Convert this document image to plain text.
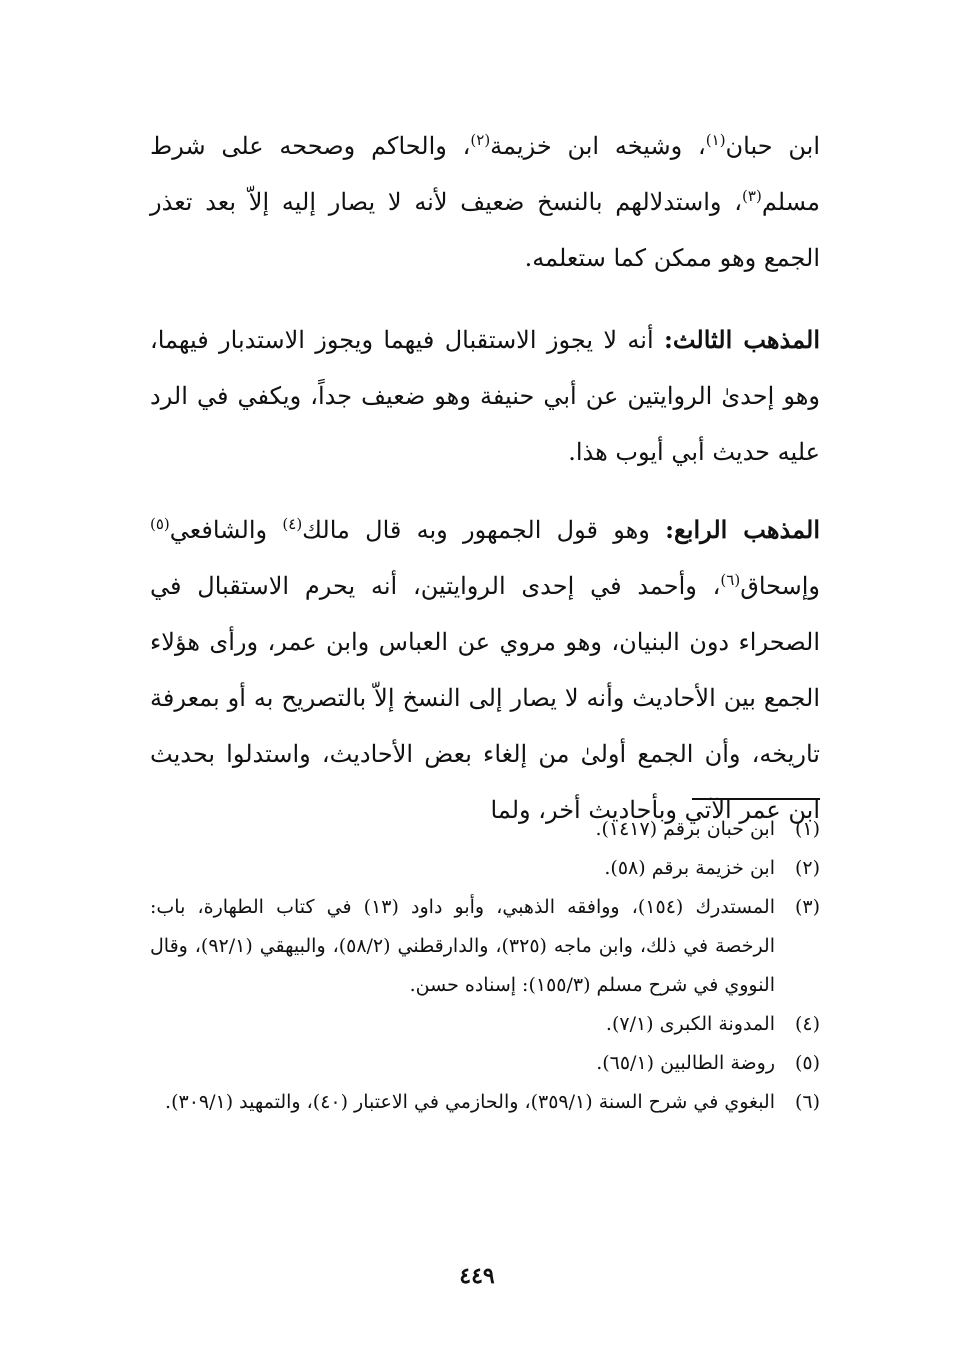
ابن حبان$^{(١)}$، وشيخه ابن خزيمة$^{(٢)}$، والحاكم وصححه على شرط مسلم$^{(٣)}$، واستدلالهم بالنسخ ضعيف لأنه لا يصار إليه إلاّ بعد تعذر الجمع وهو ممكن كما ستعلمه.

المذهب الثالث: أنه لا يجوز الاستقبال فيهما ويجوز الاستدبار فيهما، وهو إحدىٰ الروايتين عن أبي حنيفة وهو ضعيف جداً، ويكفي في الرد عليه حديث أبي أيوب هذا.

المذهب الرابع: وهو قول الجمهور وبه قال مالك$^{(٤)}$ والشافعي$^{(٥)}$ وإسحاق$^{(٦)}$، وأحمد في إحدى الروايتين، أنه يحرم الاستقبال في الصحراء دون البنيان، وهو مروي عن العباس وابن عمر، ورأى هؤلاء الجمع بين الأحاديث وأنه لا يصار إلى النسخ إلاّ بالتصريح به أو بمعرفة تاريخه، وأن الجمع أولىٰ من إلغاء بعض الأحاديث، واستدلوا بحديث ابن عمر الآتي وبأحاديث أخر، ولما

(١)
ابن حبان برقم (١٤١٧).
(٢)
ابن خزيمة برقم (٥٨).
(٣)
المستدرك (١٥٤)، ووافقه الذهبي، وأبو داود (١٣) في كتاب الطهارة، باب: الرخصة في ذلك، وابن ماجه (٣٢٥)، والدارقطني (٥٨/٢)، والبيهقي (٩٢/١)، وقال النووي في شرح مسلم (١٥٥/٣): إسناده حسن.
(٤)
المدونة الكبرى (٧/١).
(٥)
روضة الطالبين (٦٥/١).
(٦)
البغوي في شرح السنة (٣٥٩/١)، والحازمي في الاعتبار (٤٠)، والتمهيد (٣٠٩/١).
٤٤٩
